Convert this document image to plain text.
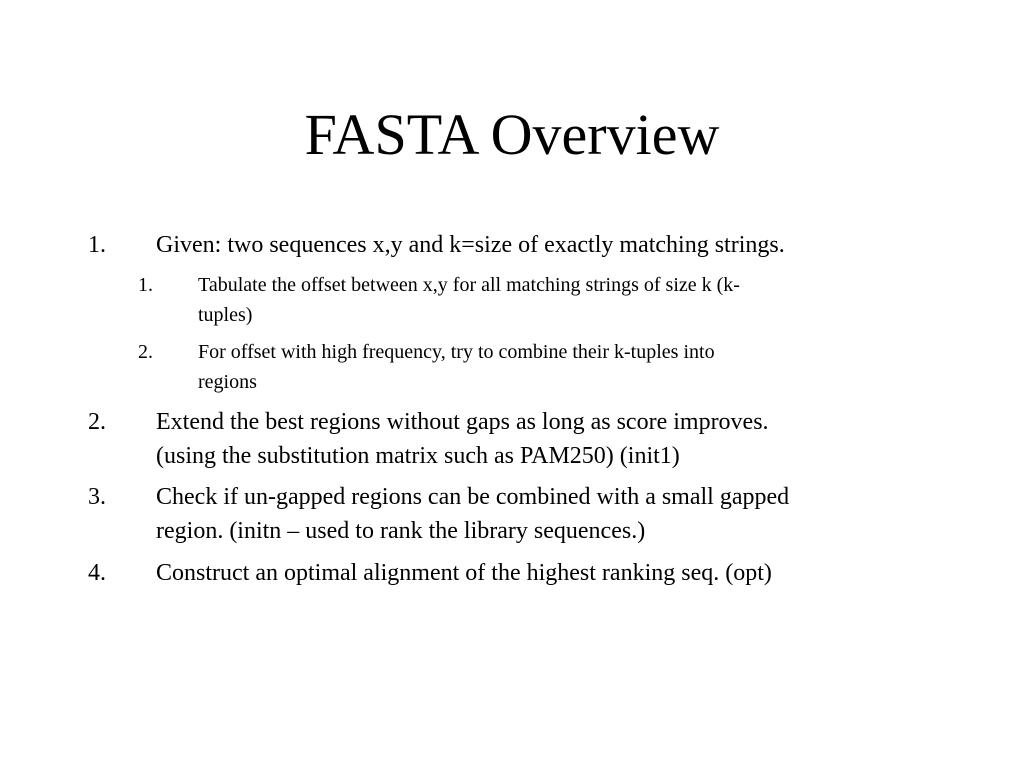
FASTA Overview
1. Given: two sequences x,y and k=size of exactly matching strings.
1. Tabulate the offset between x,y for all matching strings of size k (k-
tuples)
2. For offset with high frequency, try to combine their k-tuples into
regions
2. Extend the best regions without gaps as long as score improves.
(using the substitution matrix such as PAM250) (init1)
3. Check if un-gapped regions can be combined with a small gapped
region. (initn – used to rank the library sequences.)
4. Construct an optimal alignment of the highest ranking seq. (opt)
